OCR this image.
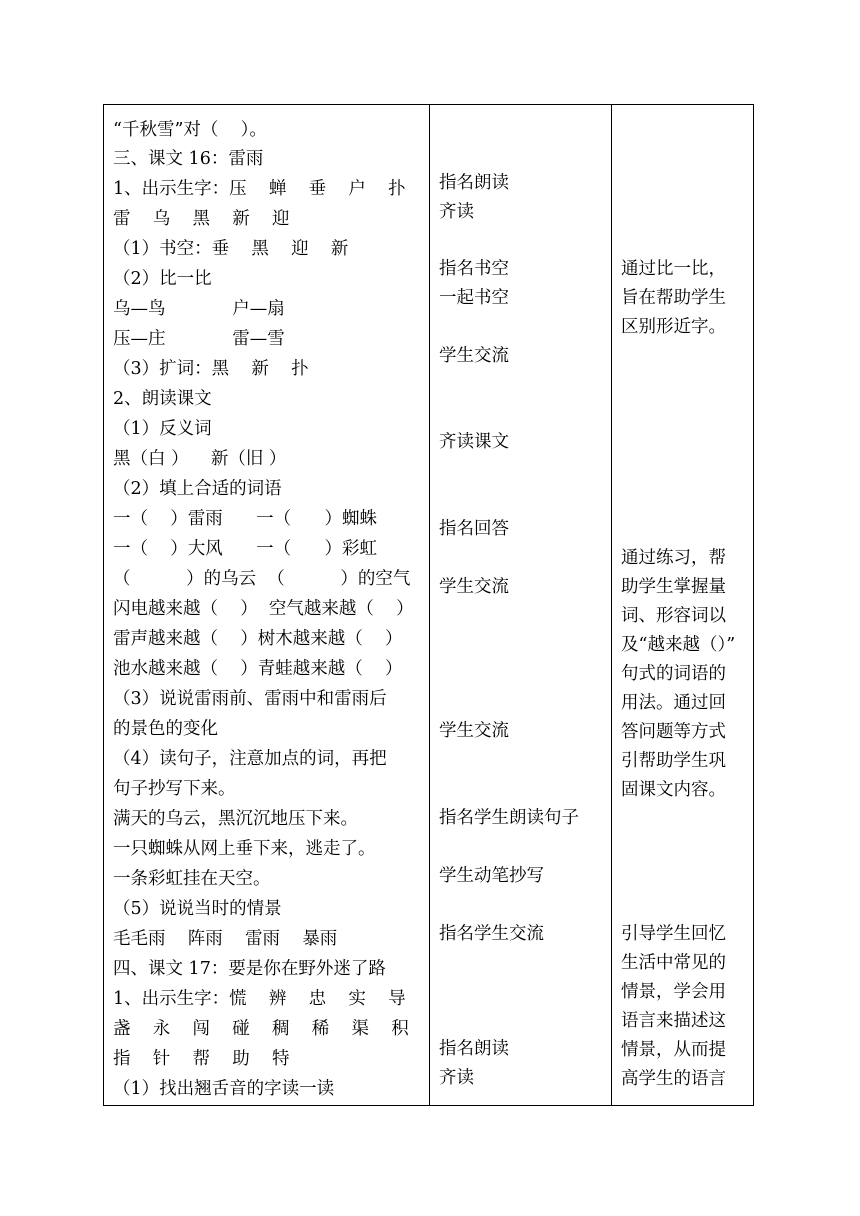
“千秋雪”对（    ）。

三、课文 16：雷雨

1、出示生字：压    蝉    垂    户    扑

雷    乌    黑    新    迎

（1）书空：垂    黑    迎    新

（2）比一比

乌—鸟            户—扇

压—庄            雷—雪

（3）扩词：黑    新    扑

2、朗读课文

（1）反义词

黑（白 ）    新（旧 ）

（2）填上合适的词语

一（    ）雷雨      一（      ）蜘蛛

一（    ）大风      一（      ）彩虹

（          ）的乌云  （          ）的空气

闪电越来越（    ）  空气越来越（    ）

雷声越来越（    ）树木越来越（    ）

池水越来越（    ）青蛙越来越（    ）

（3）说说雷雨前、雷雨中和雷雨后

的景色的变化

（4）读句子，注意加点的词，再把

句子抄写下来。

满天的乌云，黑沉沉地压下来。

一只蜘蛛从网上垂下来，逃走了。

一条彩虹挂在天空。

（5）说说当时的情景

毛毛雨    阵雨    雷雨    暴雨

四、课文 17：要是你在野外迷了路

1、出示生字：慌    辨    忠    实    导

盏    永    闯    碰    稠    稀    渠    积

指    针    帮    助    特

（1）找出翘舌音的字读一读

指名朗读

齐读

指名书空

一起书空

学生交流

齐读课文

指名回答

学生交流

学生交流

指名学生朗读句子

学生动笔抄写

指名学生交流

指名朗读

齐读

通过比一比，

旨在帮助学生

区别形近字。

通过练习，帮

助学生掌握量

词、形容词以

及“越来越（）”

句式的词语的

用法。通过回

答问题等方式

引帮助学生巩

固课文内容。

引导学生回忆

生活中常见的

情景，学会用

语言来描述这

情景，从而提

高学生的语言
